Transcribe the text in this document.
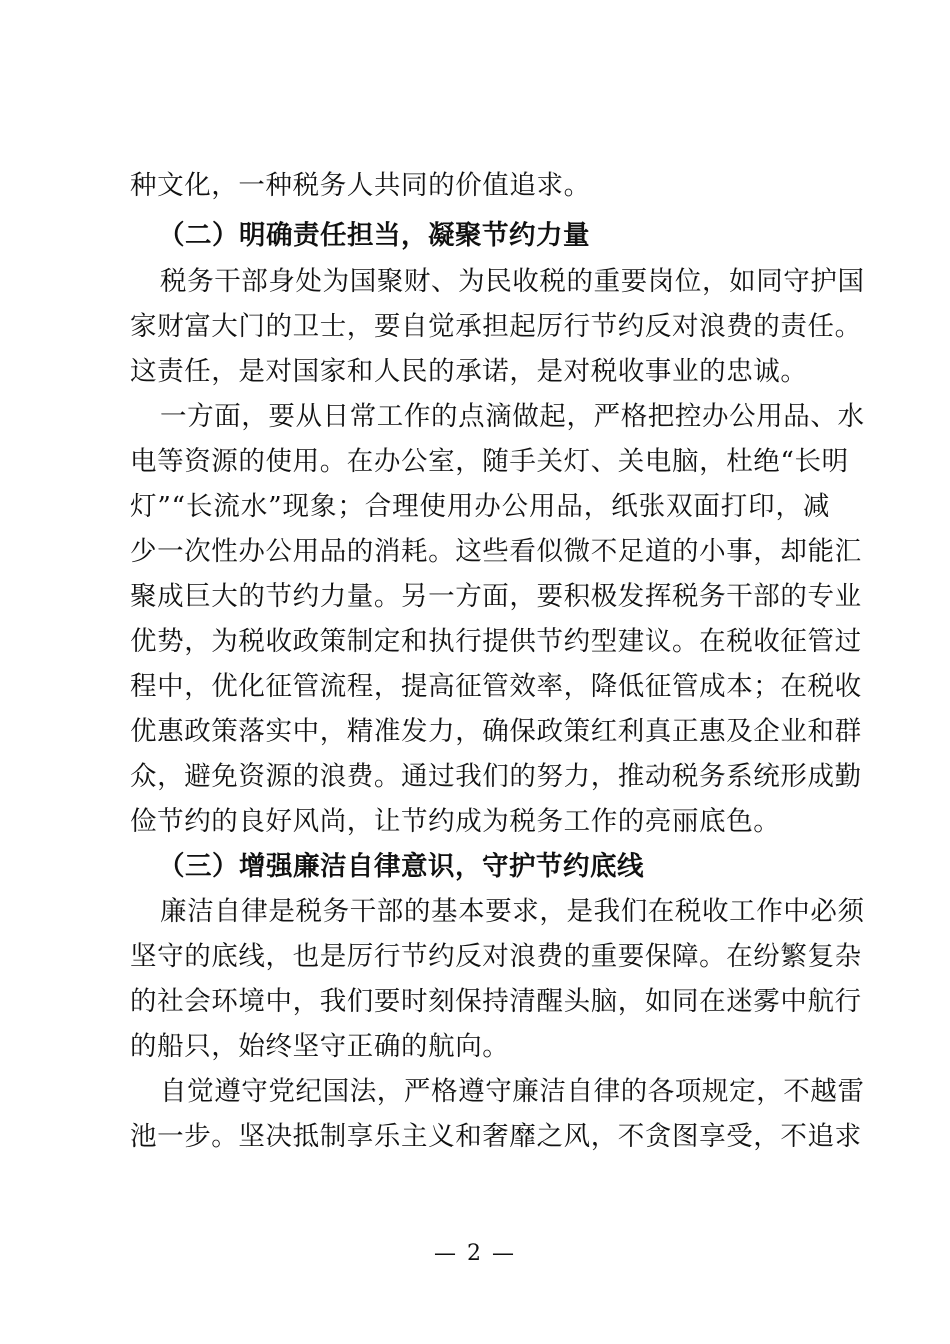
种文化，一种税务人共同的价值追求。
（二）明确责任担当，凝聚节约力量
税务干部身处为国聚财、为民收税的重要岗位，如同守护国
家财富大门的卫士，要自觉承担起厉行节约反对浪费的责任。
这责任，是对国家和人民的承诺，是对税收事业的忠诚。
一方面，要从日常工作的点滴做起，严格把控办公用品、水
电等资源的使用。在办公室，随手关灯、关电脑，杜绝“长明
灯”“长流水”现象；合理使用办公用品，纸张双面打印，减
少一次性办公用品的消耗。这些看似微不足道的小事，却能汇
聚成巨大的节约力量。另一方面，要积极发挥税务干部的专业
优势，为税收政策制定和执行提供节约型建议。在税收征管过
程中，优化征管流程，提高征管效率，降低征管成本；在税收
优惠政策落实中，精准发力，确保政策红利真正惠及企业和群
众，避免资源的浪费。通过我们的努力，推动税务系统形成勤
俭节约的良好风尚，让节约成为税务工作的亮丽底色。
（三）增强廉洁自律意识，守护节约底线
廉洁自律是税务干部的基本要求，是我们在税收工作中必须
坚守的底线，也是厉行节约反对浪费的重要保障。在纷繁复杂
的社会环境中，我们要时刻保持清醒头脑，如同在迷雾中航行
的船只，始终坚守正确的航向。
自觉遵守党纪国法，严格遵守廉洁自律的各项规定，不越雷
池一步。坚决抵制享乐主义和奢靡之风，不贪图享受，不追求
— 2 —
